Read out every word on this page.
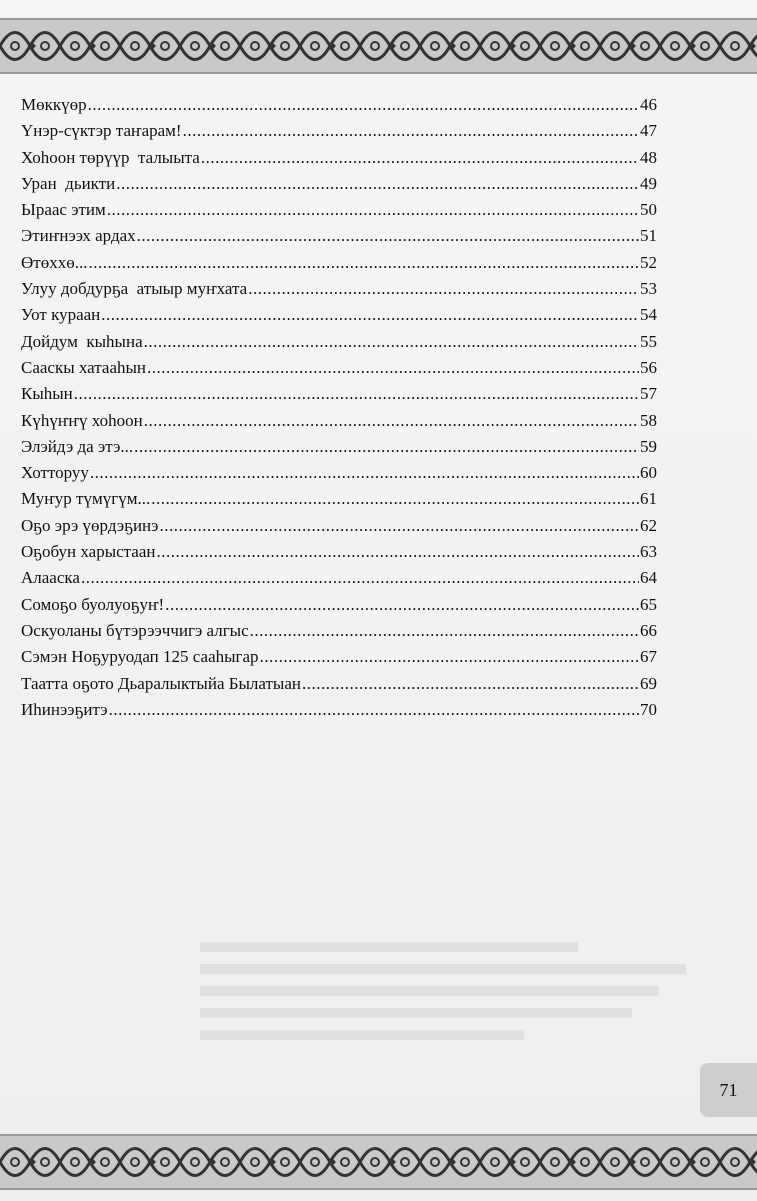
Мөккүөр .....	46
Үнэр-сүктэр таҥарам! .....	47
Хоһоон төрүүр  талыыта .....	48
Уран  дьикти .....	49
Ыраас этим .....	50
Этиҥнээх ардах .....	51
Өтөххө... .....	52
Улуу добдурҕа  атыыр муҥхата .....	53
Уот кураан .....	54
Дойдум  кыһына .....	55
Сааскы хатааһын .....	56
Кыһын .....	57
Күһүҥҥү хоһоон .....	58
Элэйдэ да этэ... .....	59
Хотторуу .....	60
Муҥур түмүгүм... .....	61
Оҕо эрэ үөрдэҕинэ .....	62
Оҕобун харыстаан .....	63
Алааска .....	64
Сомоҕо буолуоҕуҥ! .....	65
Оскуоланы бүтэрээччигэ алгыс .....	66
Сэмэн Ноҕуруодап 125 сааһыгар .....	67
Таатта оҕото Дьаралыктыйа Былатыан .....	69
Иһинээҕитэ .....	70
71
